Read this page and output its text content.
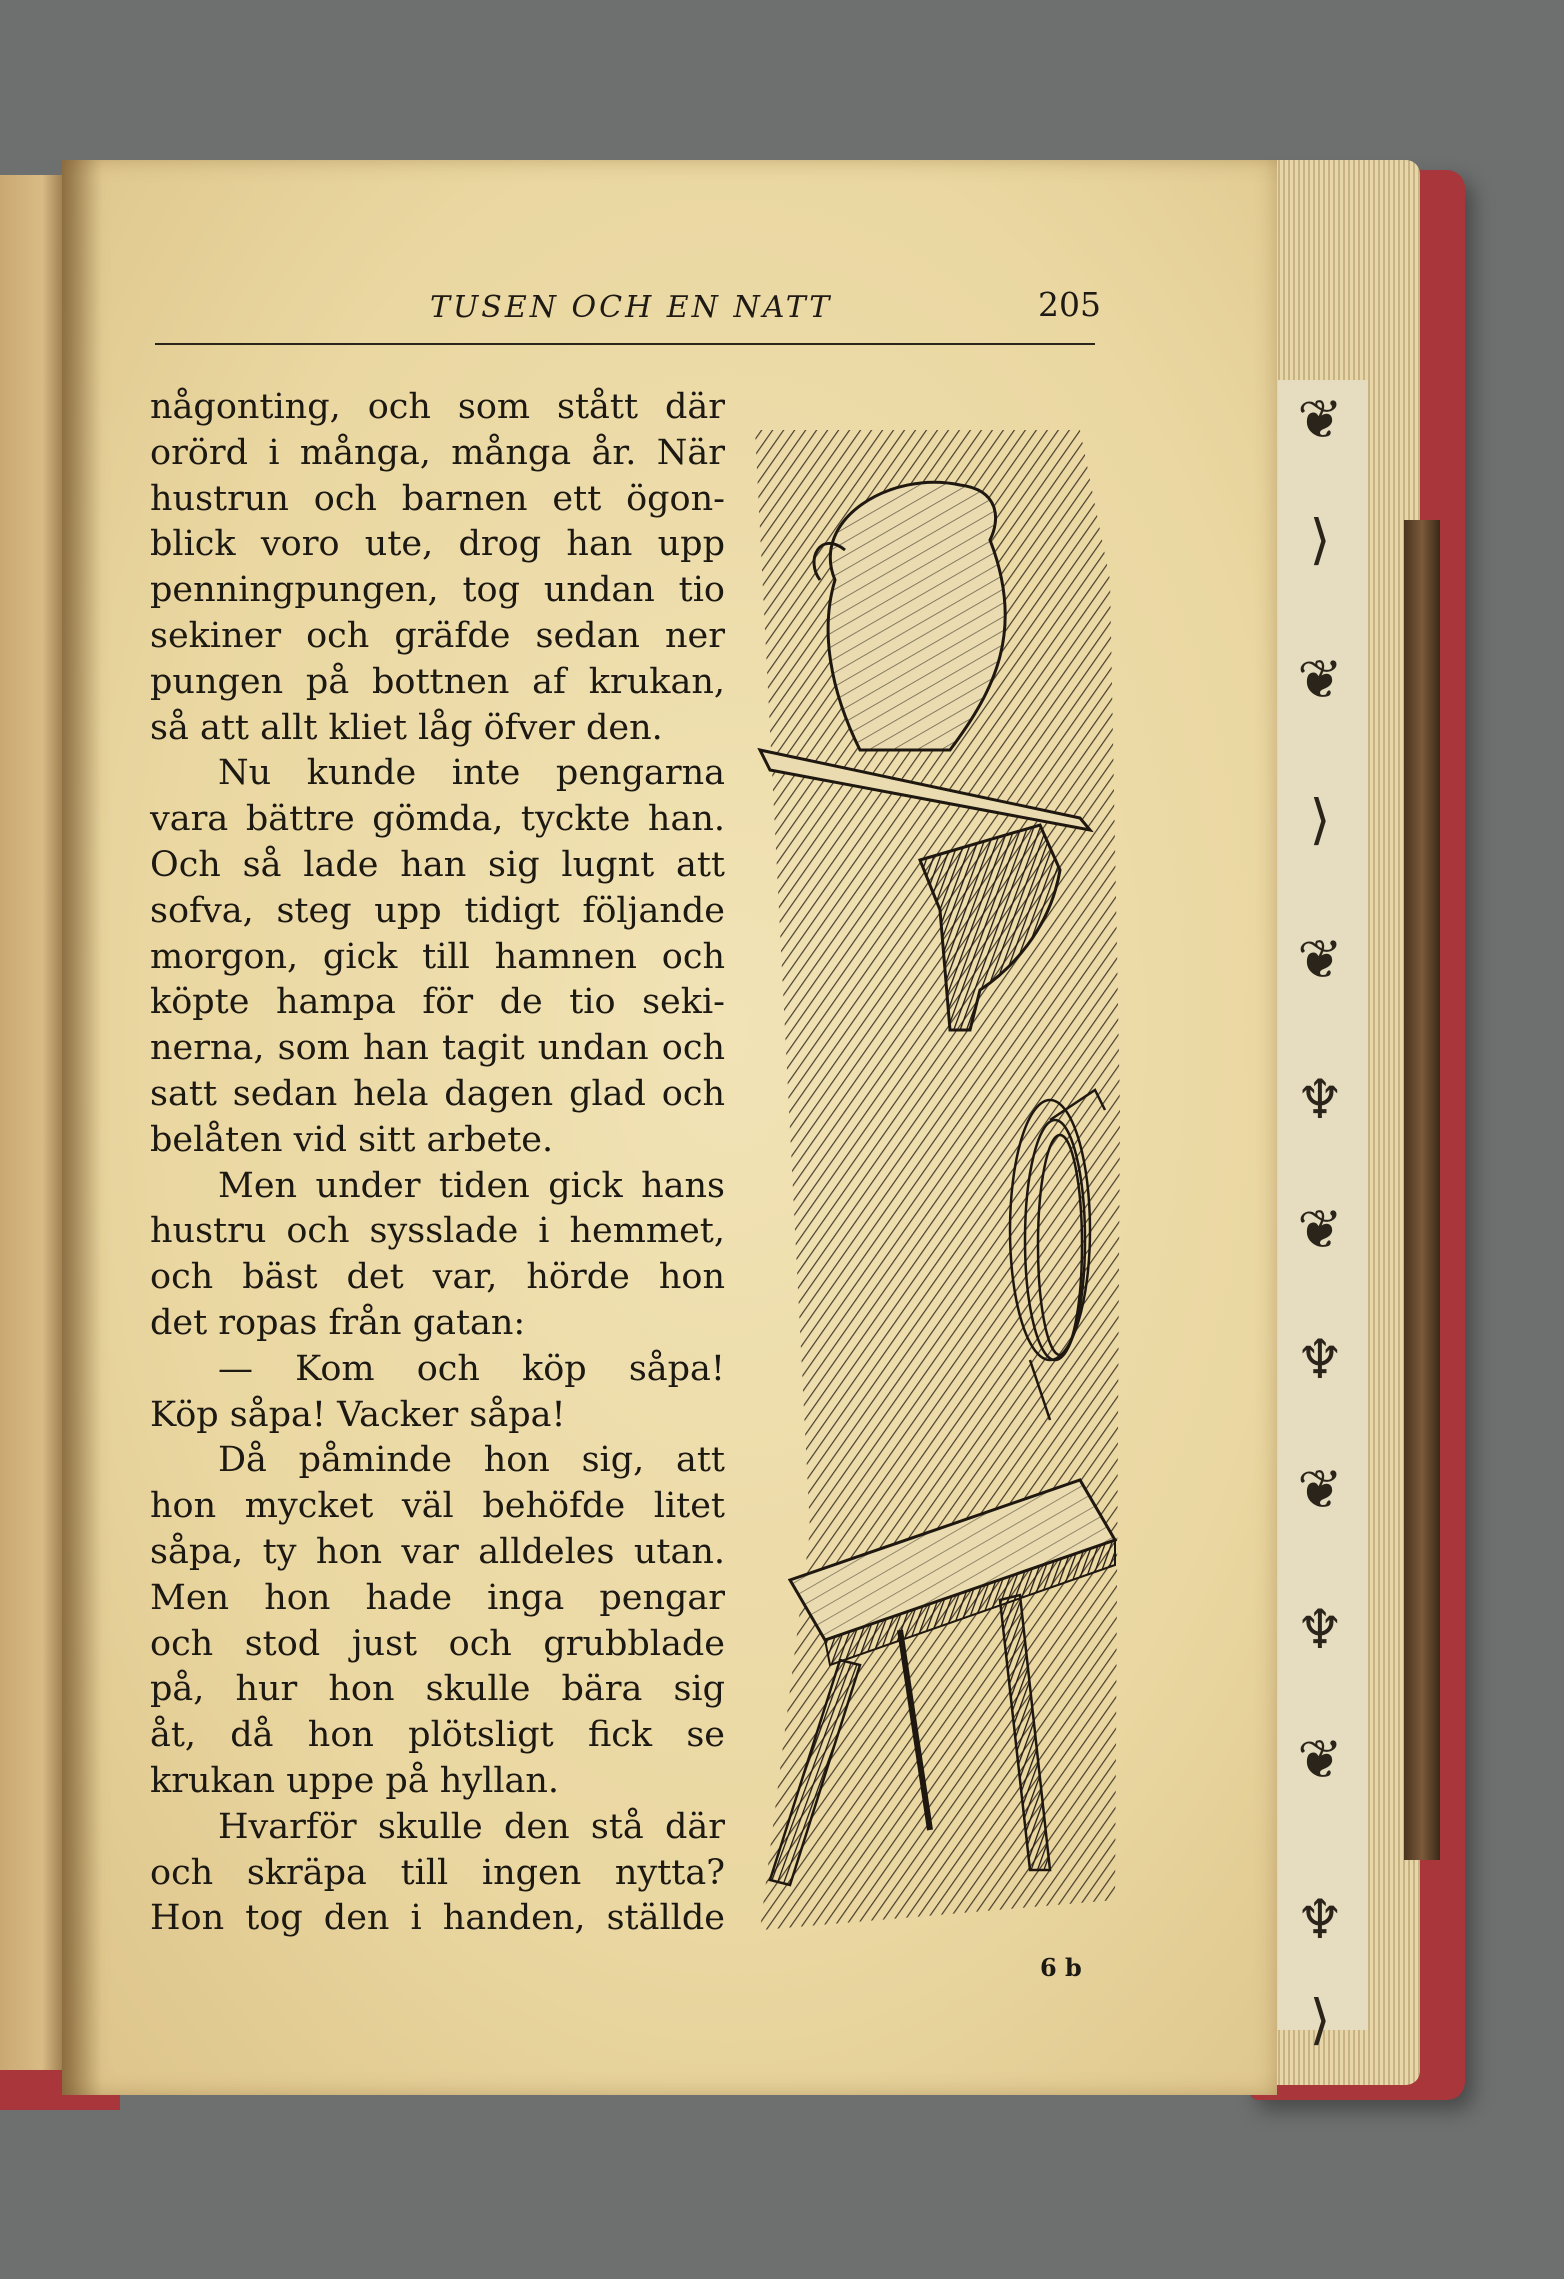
❦
⟩
❦
⟩
❦
♆
❦
♆
❦
♆
❦
♆
⟩
TUSEN OCH EN NATT	205
någonting, och som stått där
orörd i många, många år. När
hustrun och barnen ett ögon-
blick voro ute, drog han upp
penningpungen, tog undan tio
sekiner och gräfde sedan ner
pungen på bottnen af krukan,
så att allt kliet låg öfver den.
Nu kunde inte pengarna
vara bättre gömda, tyckte han.
Och så lade han sig lugnt att
sofva, steg upp tidigt följande
morgon, gick till hamnen och
köpte hampa för de tio seki-
nerna, som han tagit undan och
satt sedan hela dagen glad och
belåten vid sitt arbete.
Men under tiden gick hans
hustru och sysslade i hemmet,
och bäst det var, hörde hon
det ropas från gatan:
— Kom och köp såpa!
Köp såpa! Vacker såpa!
Då påminde hon sig, att
hon mycket väl behöfde litet
såpa, ty hon var alldeles utan.
Men hon hade inga pengar
och stod just och grubblade
på, hur hon skulle bära sig
åt, då hon plötsligt fick se
krukan uppe på hyllan.
Hvarför skulle den stå där
och skräpa till ingen nytta?
Hon tog den i handen, ställde
6 b
